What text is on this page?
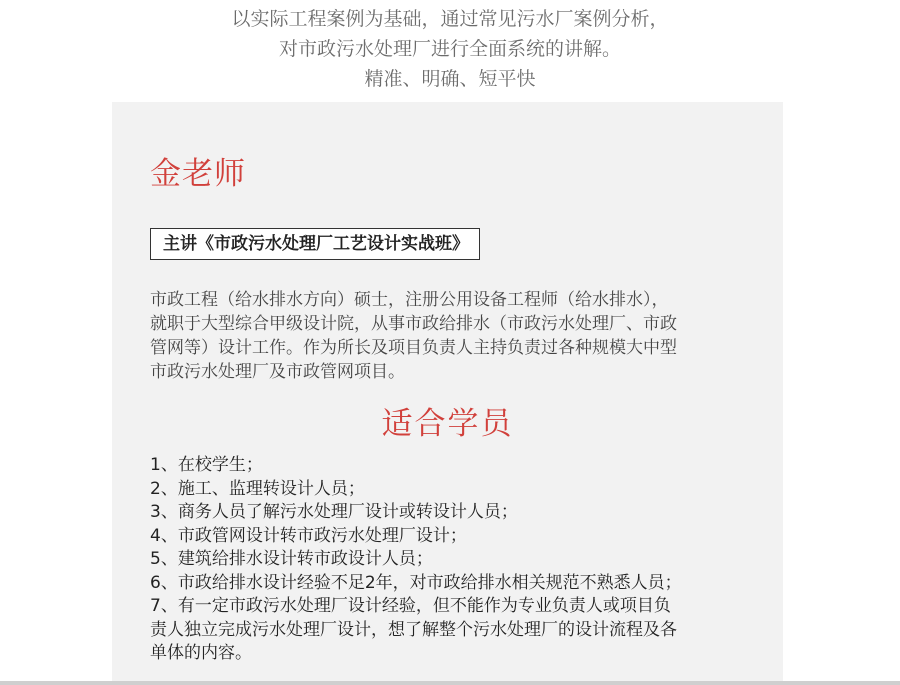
以实际工程案例为基础，通过常见污水厂案例分析，
对市政污水处理厂进行全面系统的讲解。
精准、明确、短平快
金老师
主讲《市政污水处理厂工艺设计实战班》
市政工程（给水排水方向）硕士，注册公用设备工程师（给水排水），
就职于大型综合甲级设计院，从事市政给排水（市政污水处理厂、市政
管网等）设计工作。作为所长及项目负责人主持负责过各种规模大中型
市政污水处理厂及市政管网项目。
适合学员
1、在校学生；
2、施工、监理转设计人员；
3、商务人员了解污水处理厂设计或转设计人员；
4、市政管网设计转市政污水处理厂设计；
5、建筑给排水设计转市政设计人员；
6、市政给排水设计经验不足2年，对市政给排水相关规范不熟悉人员；
7、有一定市政污水处理厂设计经验，但不能作为专业负责人或项目负
责人独立完成污水处理厂设计，想了解整个污水处理厂的设计流程及各
单体的内容。
